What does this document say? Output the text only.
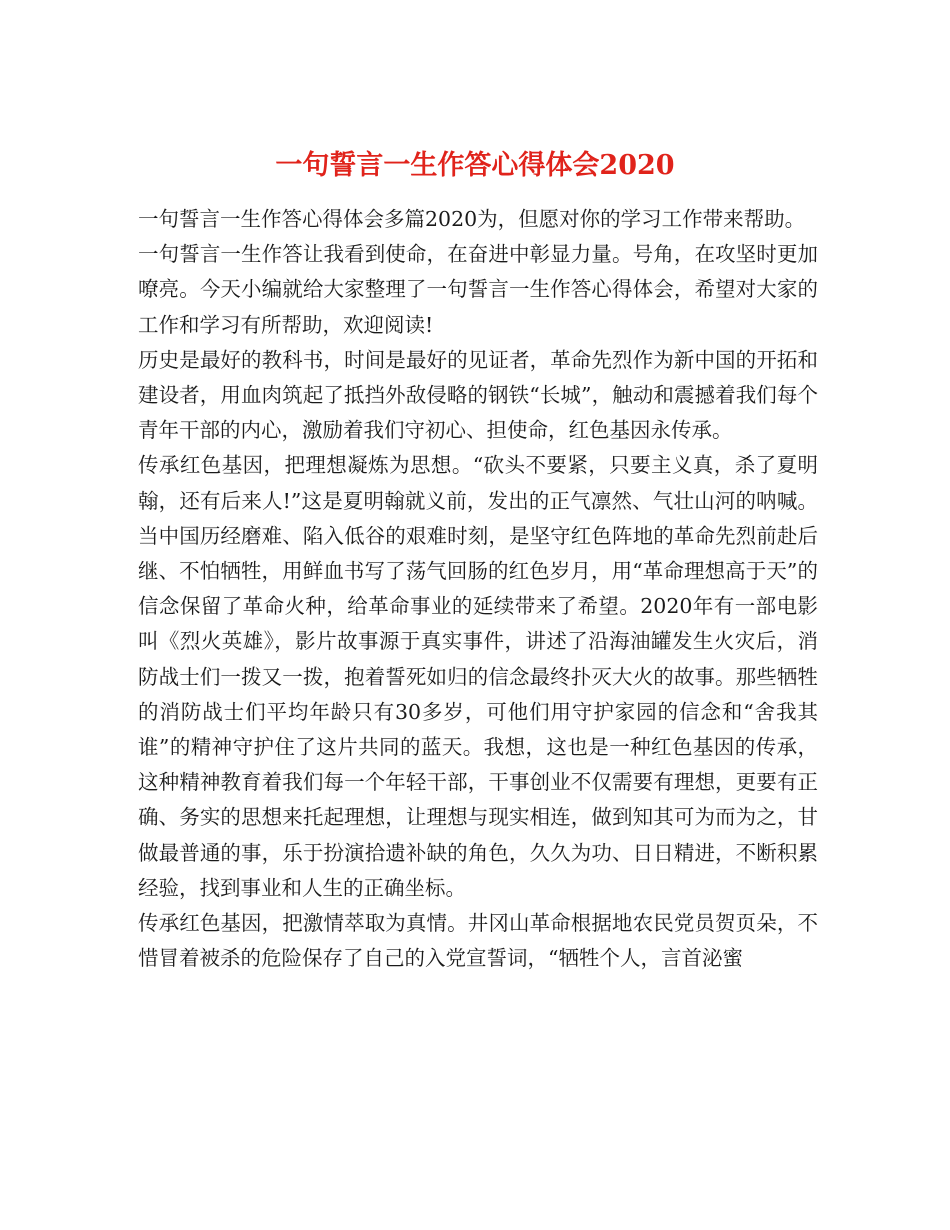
一句誓言一生作答心得体会2020

一句誓言一生作答心得体会多篇2020为，但愿对你的学习工作带来帮助。

一句誓言一生作答让我看到使命，在奋进中彰显力量。号角，在攻坚时更加嘹亮。今天小编就给大家整理了一句誓言一生作答心得体会，希望对大家的工作和学习有所帮助，欢迎阅读!

历史是最好的教科书，时间是最好的见证者，革命先烈作为新中国的开拓和建设者，用血肉筑起了抵挡外敌侵略的钢铁“长城”，触动和震撼着我们每个青年干部的内心，激励着我们守初心、担使命，红色基因永传承。

传承红色基因，把理想凝炼为思想。“砍头不要紧，只要主义真，杀了夏明翰，还有后来人!”这是夏明翰就义前，发出的正气凛然、气壮山河的呐喊。当中国历经磨难、陷入低谷的艰难时刻，是坚守红色阵地的革命先烈前赴后继、不怕牺牲，用鲜血书写了荡气回肠的红色岁月，用“革命理想高于天”的信念保留了革命火种，给革命事业的延续带来了希望。2020年有一部电影叫《烈火英雄》，影片故事源于真实事件，讲述了沿海油罐发生火灾后，消防战士们一拨又一拨，抱着誓死如归的信念最终扑灭大火的故事。那些牺牲的消防战士们平均年龄只有30多岁，可他们用守护家园的信念和“舍我其谁”的精神守护住了这片共同的蓝天。我想，这也是一种红色基因的传承，这种精神教育着我们每一个年轻干部，干事创业不仅需要有理想，更要有正确、务实的思想来托起理想，让理想与现实相连，做到知其可为而为之，甘做最普通的事，乐于扮演拾遗补缺的角色，久久为功、日日精进，不断积累经验，找到事业和人生的正确坐标。

传承红色基因，把激情萃取为真情。井冈山革命根据地农民党员贺页朵，不惜冒着被杀的危险保存了自己的入党宣誓词，“牺牲个人，言首泌蜜
